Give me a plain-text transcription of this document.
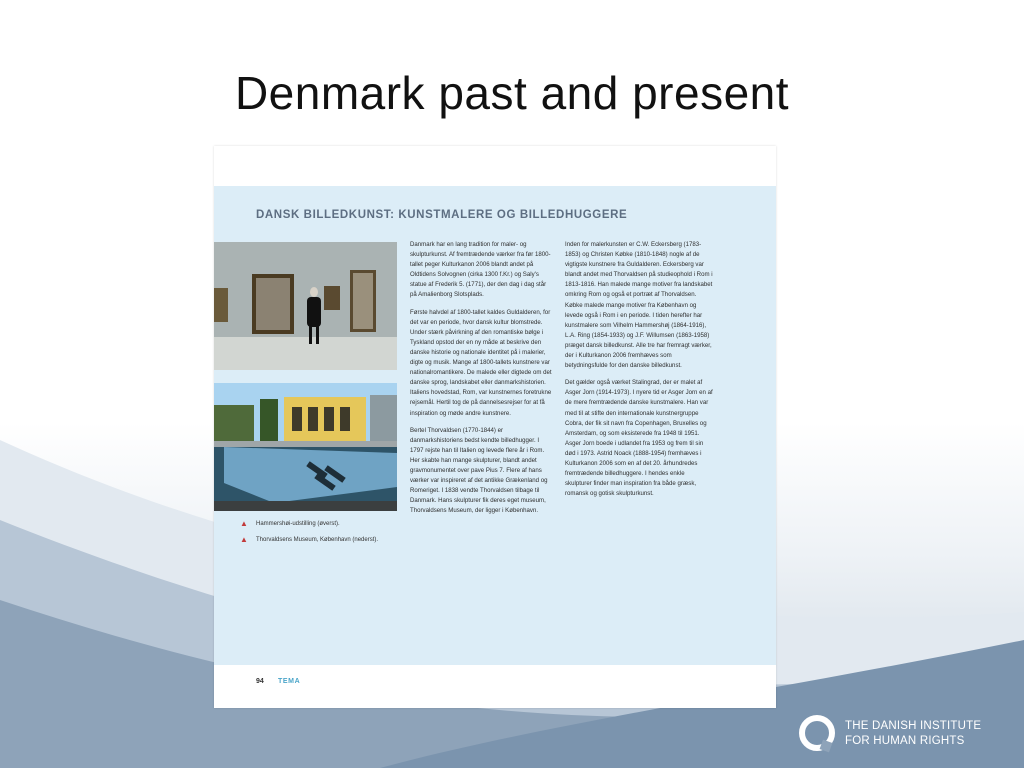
Denmark past and present
DANSK BILLEDKUNST: KUNSTMALERE OG BILLEDHUGGERE
▲ Hammershøi-udstilling (øverst).
▲ Thorvaldsens Museum, København (nederst).

Danmark har en lang tradition for maler- og skulpturkunst. Af fremtrædende værker fra før 1800-tallet peger Kulturkanon 2006 blandt andet på Oldtidens Solvognen (cirka 1300 f.Kr.) og Saly's statue af Frederik 5. (1771), der den dag i dag står på Amalienborg Slotsplads.

Første halvdel af 1800-tallet kaldes Guldalderen, for det var en periode, hvor dansk kultur blomstrede. Under stærk påvirkning af den romantiske bølge i Tyskland opstod der en ny måde at beskrive den danske historie og nationale identitet på i malerier, digte og musik. Mange af 1800-tallets kunstnere var nationalromantikere. De malede eller digtede om det danske sprog, landskabet eller danmarkshistorien. Italiens hovedstad, Rom, var kunstnernes foretrukne rejsemål. Hertil tog de på dannelsesrejser for at få inspiration og møde andre kunstnere.

Bertel Thorvaldsen (1770-1844) er danmarkshistoriens bedst kendte billedhugger. I 1797 rejste han til Italien og levede flere år i Rom. Her skabte han mange skulpturer, blandt andet gravmonumentet over pave Pius 7. Flere af hans værker var inspireret af det antikke Grækenland og Romeriget. I 1838 vendte Thorvaldsen tilbage til Danmark. Hans skulpturer fik deres eget museum, Thorvaldsens Museum, der ligger i København.

Inden for malerkunsten er C.W. Eckersberg (1783-1853) og Christen Købke (1810-1848) nogle af de vigtigste kunstnere fra Guldalderen. Eckersberg var blandt andet med Thorvaldsen på studieophold i Rom i 1813-1816. Han malede mange motiver fra landskabet omkring Rom og også et portræt af Thorvaldsen. Købke malede mange motiver fra København og levede også i Rom i en periode. I tiden herefter har kunstmalere som Vilhelm Hammershøj (1864-1916), L.A. Ring (1854-1933) og J.F. Willumsen (1863-1958) præget dansk billedkunst. Alle tre har fremragt værker, der i Kulturkanon 2006 fremhæves som betydningsfulde for den danske billedkunst.

Det gælder også værket Stalingrad, der er malet af Asger Jorn (1914-1973). I nyere tid er Asger Jorn en af de mere fremtrædende danske kunstmalere. Han var med til at stifte den internationale kunstnergruppe Cobra, der fik sit navn fra Copenhagen, Bruxelles og Amsterdam, og som eksisterede fra 1948 til 1951. Asger Jorn boede i udlandet fra 1953 og frem til sin død i 1973. Astrid Noack (1888-1954) fremhæves i Kulturkanon 2006 som en af det 20. århundredes fremtrædende billedhuggere. I hendes enkle skulpturer finder man inspiration fra både græsk, romansk og gotisk skulpturkunst.

94 TEMA
THE DANISH INSTITUTE
FOR HUMAN RIGHTS
